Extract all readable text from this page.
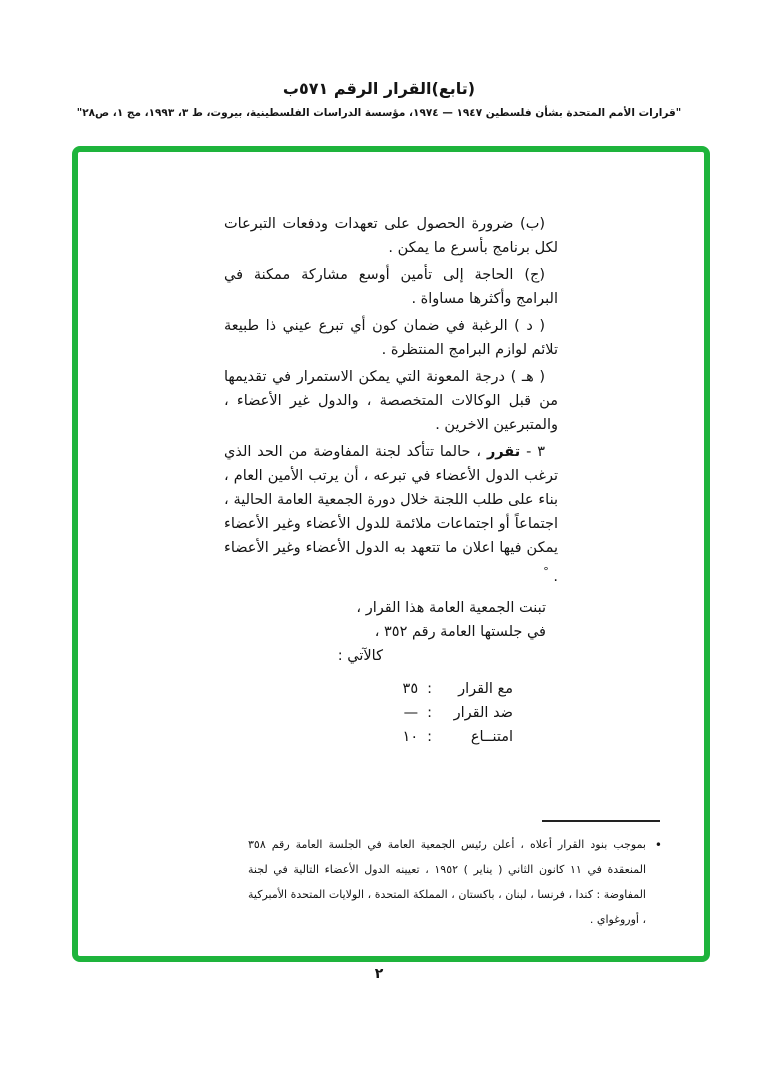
(تابع)القرار الرقم ٥٧١ب
"قرارات الأمم المتحدة بشأن فلسطين ١٩٤٧ — ١٩٧٤، مؤسسة الدراسات الفلسطينية، بيروت، ط ٣، ١٩٩٣، مج ١، ص٢٨"

(ب) ضرورة الحصول على تعهدات ودفعات التبرعات لكل برنامج بأسرع ما يمكن .

(ج) الحاجة إلى تأمين أوسع مشاركة ممكنة في البرامج وأكثرها مساواة .

( د ) الرغبة في ضمان كون أي تبرع عيني ذا طبيعة تلائم لوازم البرامج المنتظرة .

( هـ ) درجة المعونة التي يمكن الاستمرار في تقديمها من قبل الوكالات المتخصصة ، والدول غير الأعضاء ، والمتبرعين الاخرين .

٣ - تقرر ، حالما تتأكد لجنة المفاوضة من الحد الذي ترغب الدول الأعضاء في تبرعه ، أن يرتب الأمين العام ، بناء على طلب اللجنة خلال دورة الجمعية العامة الحالية ، اجتماعاً أو اجتماعات ملائمة للدول الأعضاء وغير الأعضاء يمكن فيها اعلان ما تتعهد به الدول الأعضاء وغير الأعضاء . °

تبنت الجمعية العامة هذا القرار ،
في جلستها العامة رقم ٣٥٢ ،
كالآتي :
مع القرار
:
٣٥
ضد القرار
:
—
امتنــاع
:
١٠
•
بموجب بنود القرار أعلاه ، أعلن رئيس الجمعية العامة في الجلسة العامة رقم ٣٥٨ المنعقدة في ١١ كانون الثاني ( يناير ) ١٩٥٢ ، تعيينه الدول الأعضاء التالية في لجنة المفاوضة : كندا ، فرنسا ، لبنان ، باكستان ، المملكة المتحدة ، الولايات المتحدة الأمبركية ، أوروغواي .
٢
